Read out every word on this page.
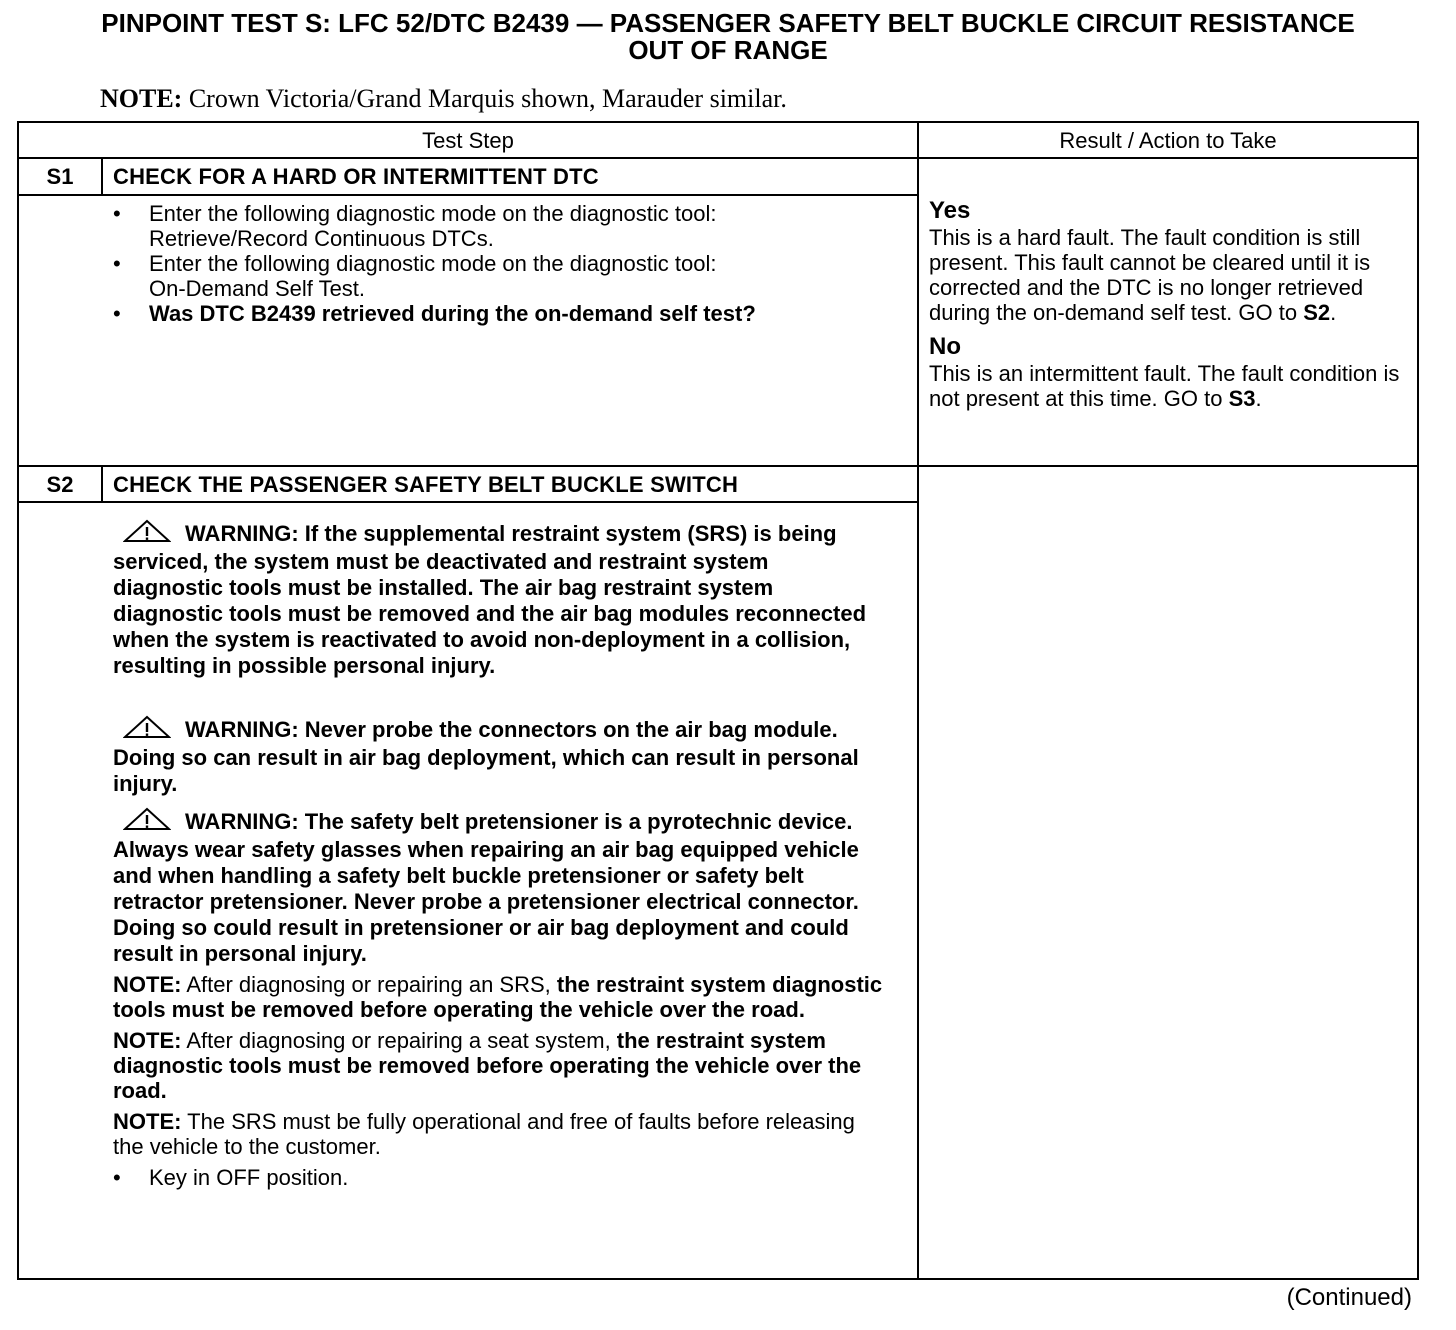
PINPOINT TEST S: LFC 52/DTC B2439 — PASSENGER SAFETY BELT BUCKLE CIRCUIT RESISTANCE
OUT OF RANGE
NOTE: Crown Victoria/Grand Marquis shown, Marauder similar.
Test Step	Result / Action to Take
S1	CHECK FOR A HARD OR INTERMITTENT DTC
• Enter the following diagnostic mode on the diagnostic tool:
Retrieve/Record Continuous DTCs.
• Enter the following diagnostic mode on the diagnostic tool:
On-Demand Self Test.
• Was DTC B2439 retrieved during the on-demand self test?
Yes
This is a hard fault. The fault condition is still present. This fault cannot be cleared until it is corrected and the DTC is no longer retrieved during the on-demand self test. GO to S2.
No
This is an intermittent fault. The fault condition is not present at this time. GO to S3.
S2	CHECK THE PASSENGER SAFETY BELT BUCKLE SWITCH
WARNING: If the supplemental restraint system (SRS) is being serviced, the system must be deactivated and restraint system diagnostic tools must be installed. The air bag restraint system diagnostic tools must be removed and the air bag modules reconnected when the system is reactivated to avoid non-deployment in a collision, resulting in possible personal injury.
WARNING: Never probe the connectors on the air bag module. Doing so can result in air bag deployment, which can result in personal injury.
WARNING: The safety belt pretensioner is a pyrotechnic device. Always wear safety glasses when repairing an air bag equipped vehicle and when handling a safety belt buckle pretensioner or safety belt retractor pretensioner. Never probe a pretensioner electrical connector. Doing so could result in pretensioner or air bag deployment and could result in personal injury.
NOTE: After diagnosing or repairing an SRS, the restraint system diagnostic tools must be removed before operating the vehicle over the road.
NOTE: After diagnosing or repairing a seat system, the restraint system diagnostic tools must be removed before operating the vehicle over the road.
NOTE: The SRS must be fully operational and free of faults before releasing the vehicle to the customer.
• Key in OFF position.
(Continued)
